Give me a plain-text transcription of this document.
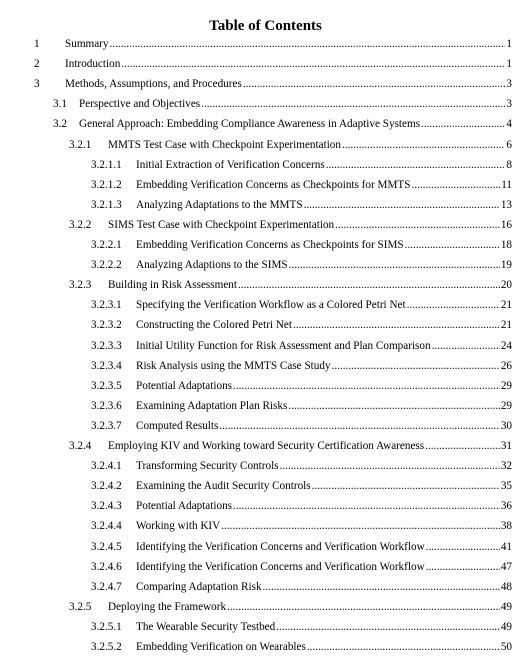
Table of Contents
1 Summary .....	1
2 Introduction .....	1
3 Methods, Assumptions, and Procedures .....	3
3.1 Perspective and Objectives .....	3
3.2 General Approach: Embedding Compliance Awareness in Adaptive Systems .....	4
3.2.1 MMTS Test Case with Checkpoint Experimentation .....	6
3.2.1.1 Initial Extraction of Verification Concerns .....	8
3.2.1.2 Embedding Verification Concerns as Checkpoints for MMTS .....	11
3.2.1.3 Analyzing Adaptations to the MMTS .....	13
3.2.2 SIMS Test Case with Checkpoint Experimentation .....	16
3.2.2.1 Embedding Verification Concerns as Checkpoints for SIMS .....	18
3.2.2.2 Analyzing Adaptions to the SIMS .....	19
3.2.3 Building in Risk Assessment .....	20
3.2.3.1 Specifying the Verification Workflow as a Colored Petri Net .....	21
3.2.3.2 Constructing the Colored Petri Net .....	21
3.2.3.3 Initial Utility Function for Risk Assessment and Plan Comparison .....	24
3.2.3.4 Risk Analysis using the MMTS Case Study .....	26
3.2.3.5 Potential Adaptations .....	29
3.2.3.6 Examining Adaptation Plan Risks .....	29
3.2.3.7 Computed Results .....	30
3.2.4 Employing KIV and Working toward Security Certification Awareness .....	31
3.2.4.1 Transforming Security Controls .....	32
3.2.4.2 Examining the Audit Security Controls .....	35
3.2.4.3 Potential Adaptations .....	36
3.2.4.4 Working with KIV .....	38
3.2.4.5 Identifying the Verification Concerns and Verification Workflow .....	41
3.2.4.6 Identifying the Verification Concerns and Verification Workflow .....	47
3.2.4.7 Comparing Adaptation Risk .....	48
3.2.5 Deploying the Framework .....	49
3.2.5.1 The Wearable Security Testbed .....	49
3.2.5.2 Embedding Verification on Wearables .....	50
